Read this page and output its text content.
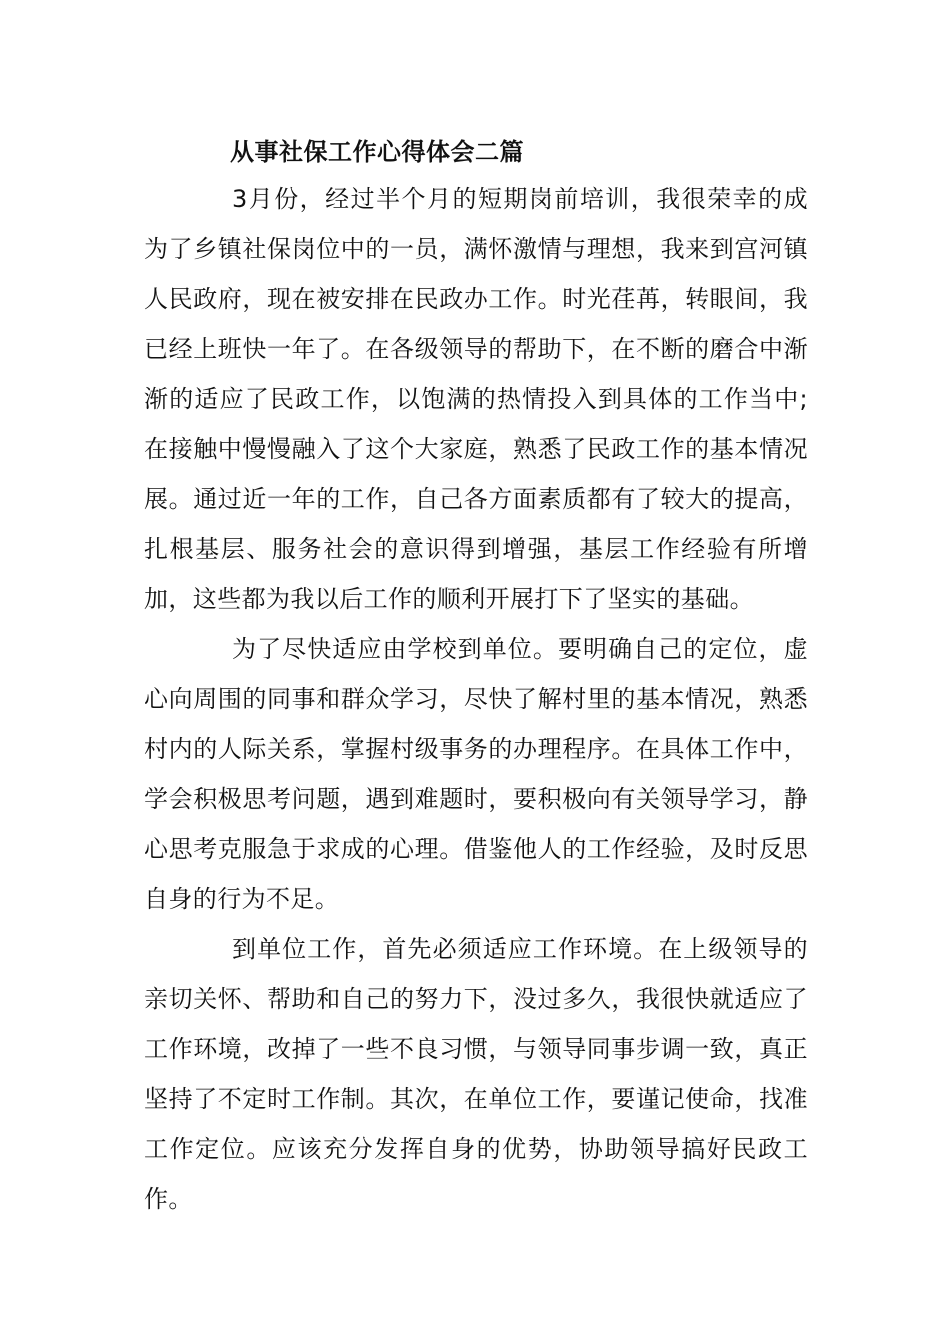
从事社保工作心得体会二篇

3月份，经过半个月的短期岗前培训，我很荣幸的成为了乡镇社保岗位中的一员，满怀激情与理想，我来到宫河镇人民政府，现在被安排在民政办工作。时光荏苒，转眼间，我已经上班快一年了。在各级领导的帮助下，在不断的磨合中渐渐的适应了民政工作，以饱满的热情投入到具体的工作当中;在接触中慢慢融入了这个大家庭，熟悉了民政工作的基本情况展。通过近一年的工作，自己各方面素质都有了较大的提高，扎根基层、服务社会的意识得到增强，基层工作经验有所增加，这些都为我以后工作的顺利开展打下了坚实的基础。

为了尽快适应由学校到单位。要明确自己的定位，虚心向周围的同事和群众学习，尽快了解村里的基本情况，熟悉村内的人际关系，掌握村级事务的办理程序。在具体工作中，学会积极思考问题，遇到难题时，要积极向有关领导学习，静心思考克服急于求成的心理。借鉴他人的工作经验，及时反思自身的行为不足。

到单位工作，首先必须适应工作环境。在上级领导的亲切关怀、帮助和自己的努力下，没过多久，我很快就适应了工作环境，改掉了一些不良习惯，与领导同事步调一致，真正坚持了不定时工作制。其次，在单位工作，要谨记使命，找准工作定位。应该充分发挥自身的优势，协助领导搞好民政工作。
